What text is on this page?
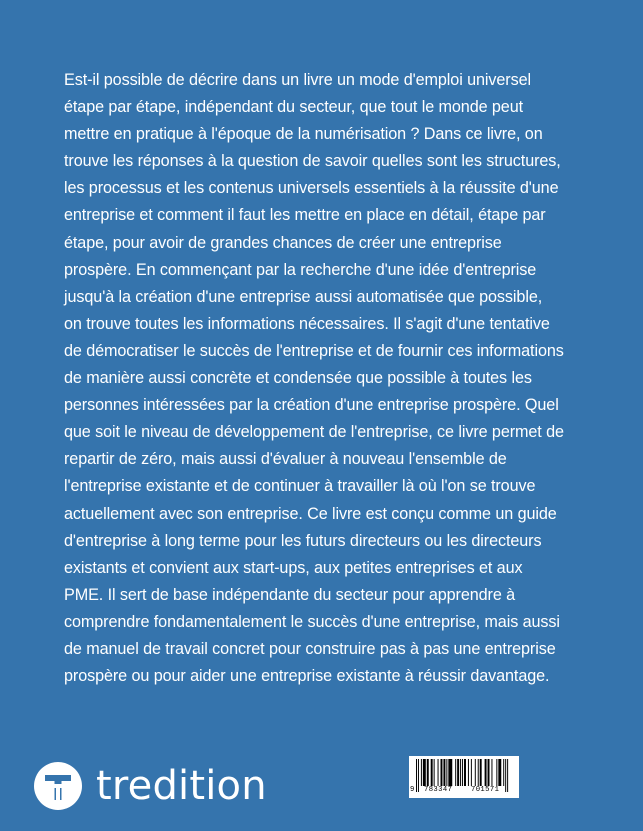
Est-il possible de décrire dans un livre un mode d'emploi universel étape par étape, indépendant du secteur, que tout le monde peut mettre en pratique à l'époque de la numérisation ? Dans ce livre, on trouve les réponses à la question de savoir quelles sont les structures, les processus et les contenus universels essentiels à la réussite d'une entreprise et comment il faut les mettre en place en détail, étape par étape, pour avoir de grandes chances de créer une entreprise prospère. En commençant par la recherche d'une idée d'entreprise jusqu'à la création d'une entreprise aussi automatisée que possible, on trouve toutes les informations nécessaires. Il s'agit d'une tentative de démocratiser le succès de l'entreprise et de fournir ces informations de manière aussi concrète et condensée que possible à toutes les personnes intéressées par la création d'une entreprise prospère. Quel que soit le niveau de développement de l'entreprise, ce livre permet de repartir de zéro, mais aussi d'évaluer à nouveau l'ensemble de l'entreprise existante et de continuer à travailler là où l'on se trouve actuellement avec son entreprise. Ce livre est conçu comme un guide d'entreprise à long terme pour les futurs directeurs ou les directeurs existants et convient aux start-ups, aux petites entreprises et aux PME. Il sert de base indépendante du secteur pour apprendre à comprendre fondamentalement le succès d'une entreprise, mais aussi de manuel de travail concret pour construire pas à pas une entreprise prospère ou pour aider une entreprise existante à réussir davantage.

tredition	9 783347	701571
